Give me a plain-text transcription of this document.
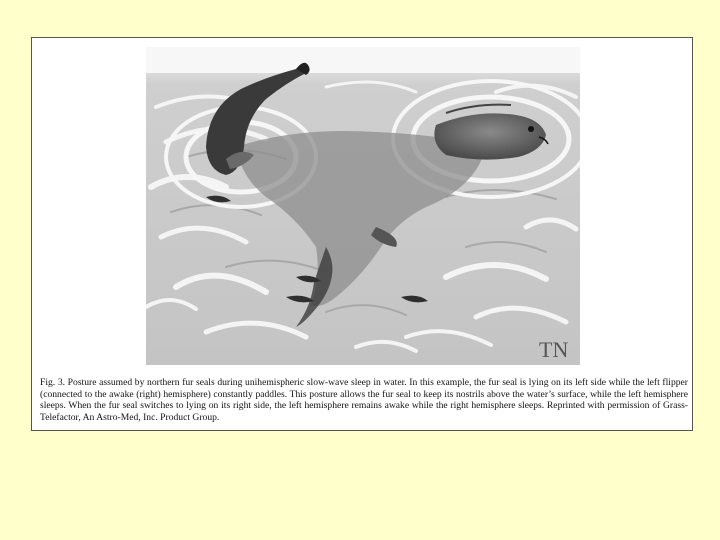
TN

Fig. 3. Posture assumed by northern fur seals during unihemispheric slow-wave sleep in water. In this example, the fur seal is lying on its left side while the left flipper (connected to the awake (right) hemisphere) constantly paddles. This posture allows the fur seal to keep its nostrils above the water’s surface, while the left hemisphere sleeps. When the fur seal switches to lying on its right side, the left hemisphere remains awake while the right hemisphere sleeps. Reprinted with permission of Grass-Telefactor, An Astro-Med, Inc. Product Group.
